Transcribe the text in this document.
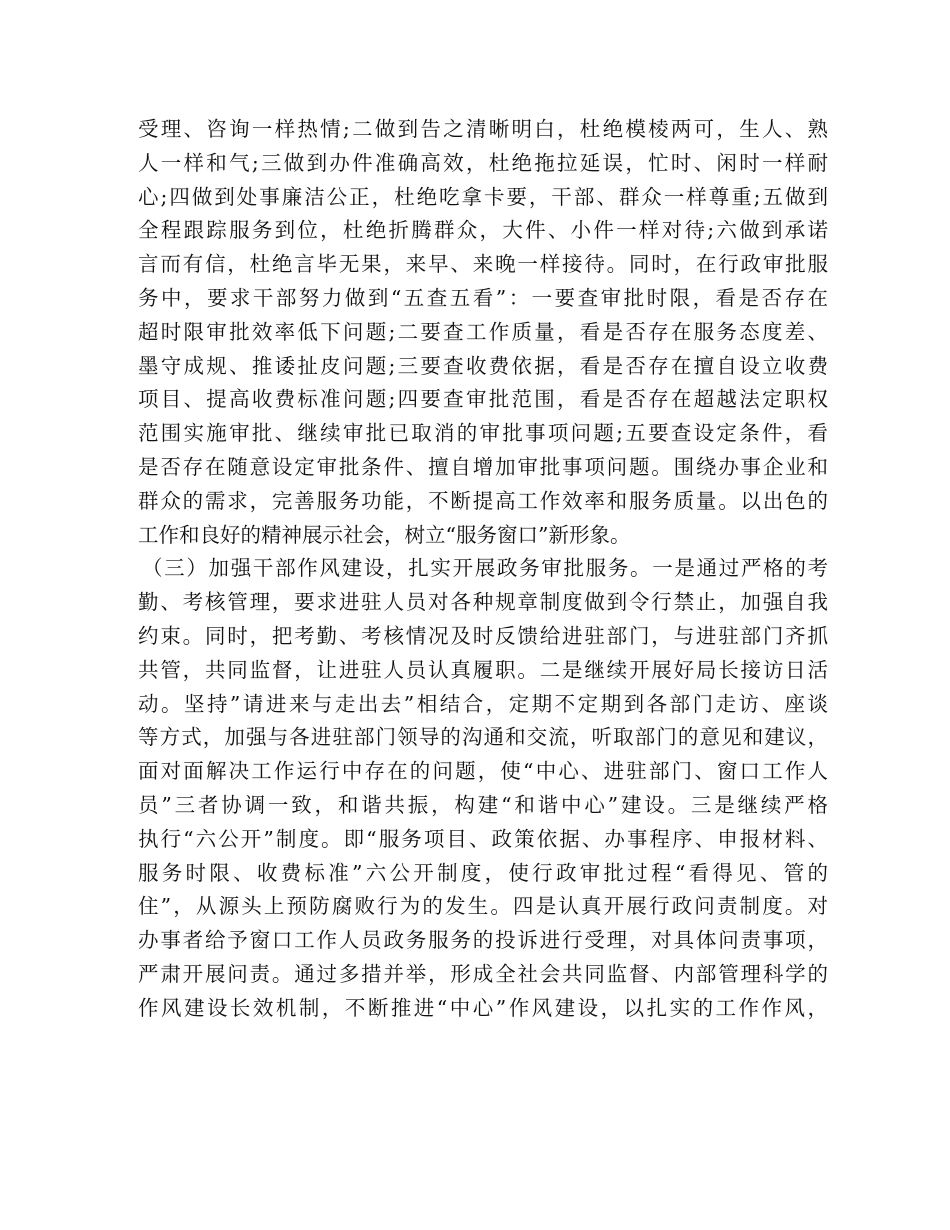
受理、咨询一样热情;二做到告之清晰明白，杜绝模棱两可，生人、熟
人一样和气;三做到办件准确高效，杜绝拖拉延误，忙时、闲时一样耐
心;四做到处事廉洁公正，杜绝吃拿卡要，干部、群众一样尊重;五做到
全程跟踪服务到位，杜绝折腾群众，大件、小件一样对待;六做到承诺
言而有信，杜绝言毕无果，来早、来晚一样接待。同时，在行政审批服
务中，要求干部努力做到“五查五看”：一要查审批时限，看是否存在
超时限审批效率低下问题;二要查工作质量，看是否存在服务态度差、
墨守成规、推诿扯皮问题;三要查收费依据，看是否存在擅自设立收费
项目、提高收费标准问题;四要查审批范围，看是否存在超越法定职权
范围实施审批、继续审批已取消的审批事项问题;五要查设定条件，看
是否存在随意设定审批条件、擅自增加审批事项问题。围绕办事企业和
群众的需求，完善服务功能，不断提高工作效率和服务质量。以出色的
工作和良好的精神展示社会，树立“服务窗口”新形象。
（三）加强干部作风建设，扎实开展政务审批服务。一是通过严格的考
勤、考核管理，要求进驻人员对各种规章制度做到令行禁止，加强自我
约束。同时，把考勤、考核情况及时反馈给进驻部门，与进驻部门齐抓
共管，共同监督，让进驻人员认真履职。二是继续开展好局长接访日活
动。坚持”请进来与走出去”相结合，定期不定期到各部门走访、座谈
等方式，加强与各进驻部门领导的沟通和交流，听取部门的意见和建议，
面对面解决工作运行中存在的问题，使“中心、进驻部门、窗口工作人
员”三者协调一致，和谐共振，构建“和谐中心”建设。三是继续严格
执行“六公开”制度。即“服务项目、政策依据、办事程序、申报材料、
服务时限、收费标准”六公开制度，使行政审批过程“看得见、管的
住”，从源头上预防腐败行为的发生。四是认真开展行政问责制度。对
办事者给予窗口工作人员政务服务的投诉进行受理，对具体问责事项，
严肃开展问责。通过多措并举，形成全社会共同监督、内部管理科学的
作风建设长效机制，不断推进“中心”作风建设，以扎实的工作作风，
